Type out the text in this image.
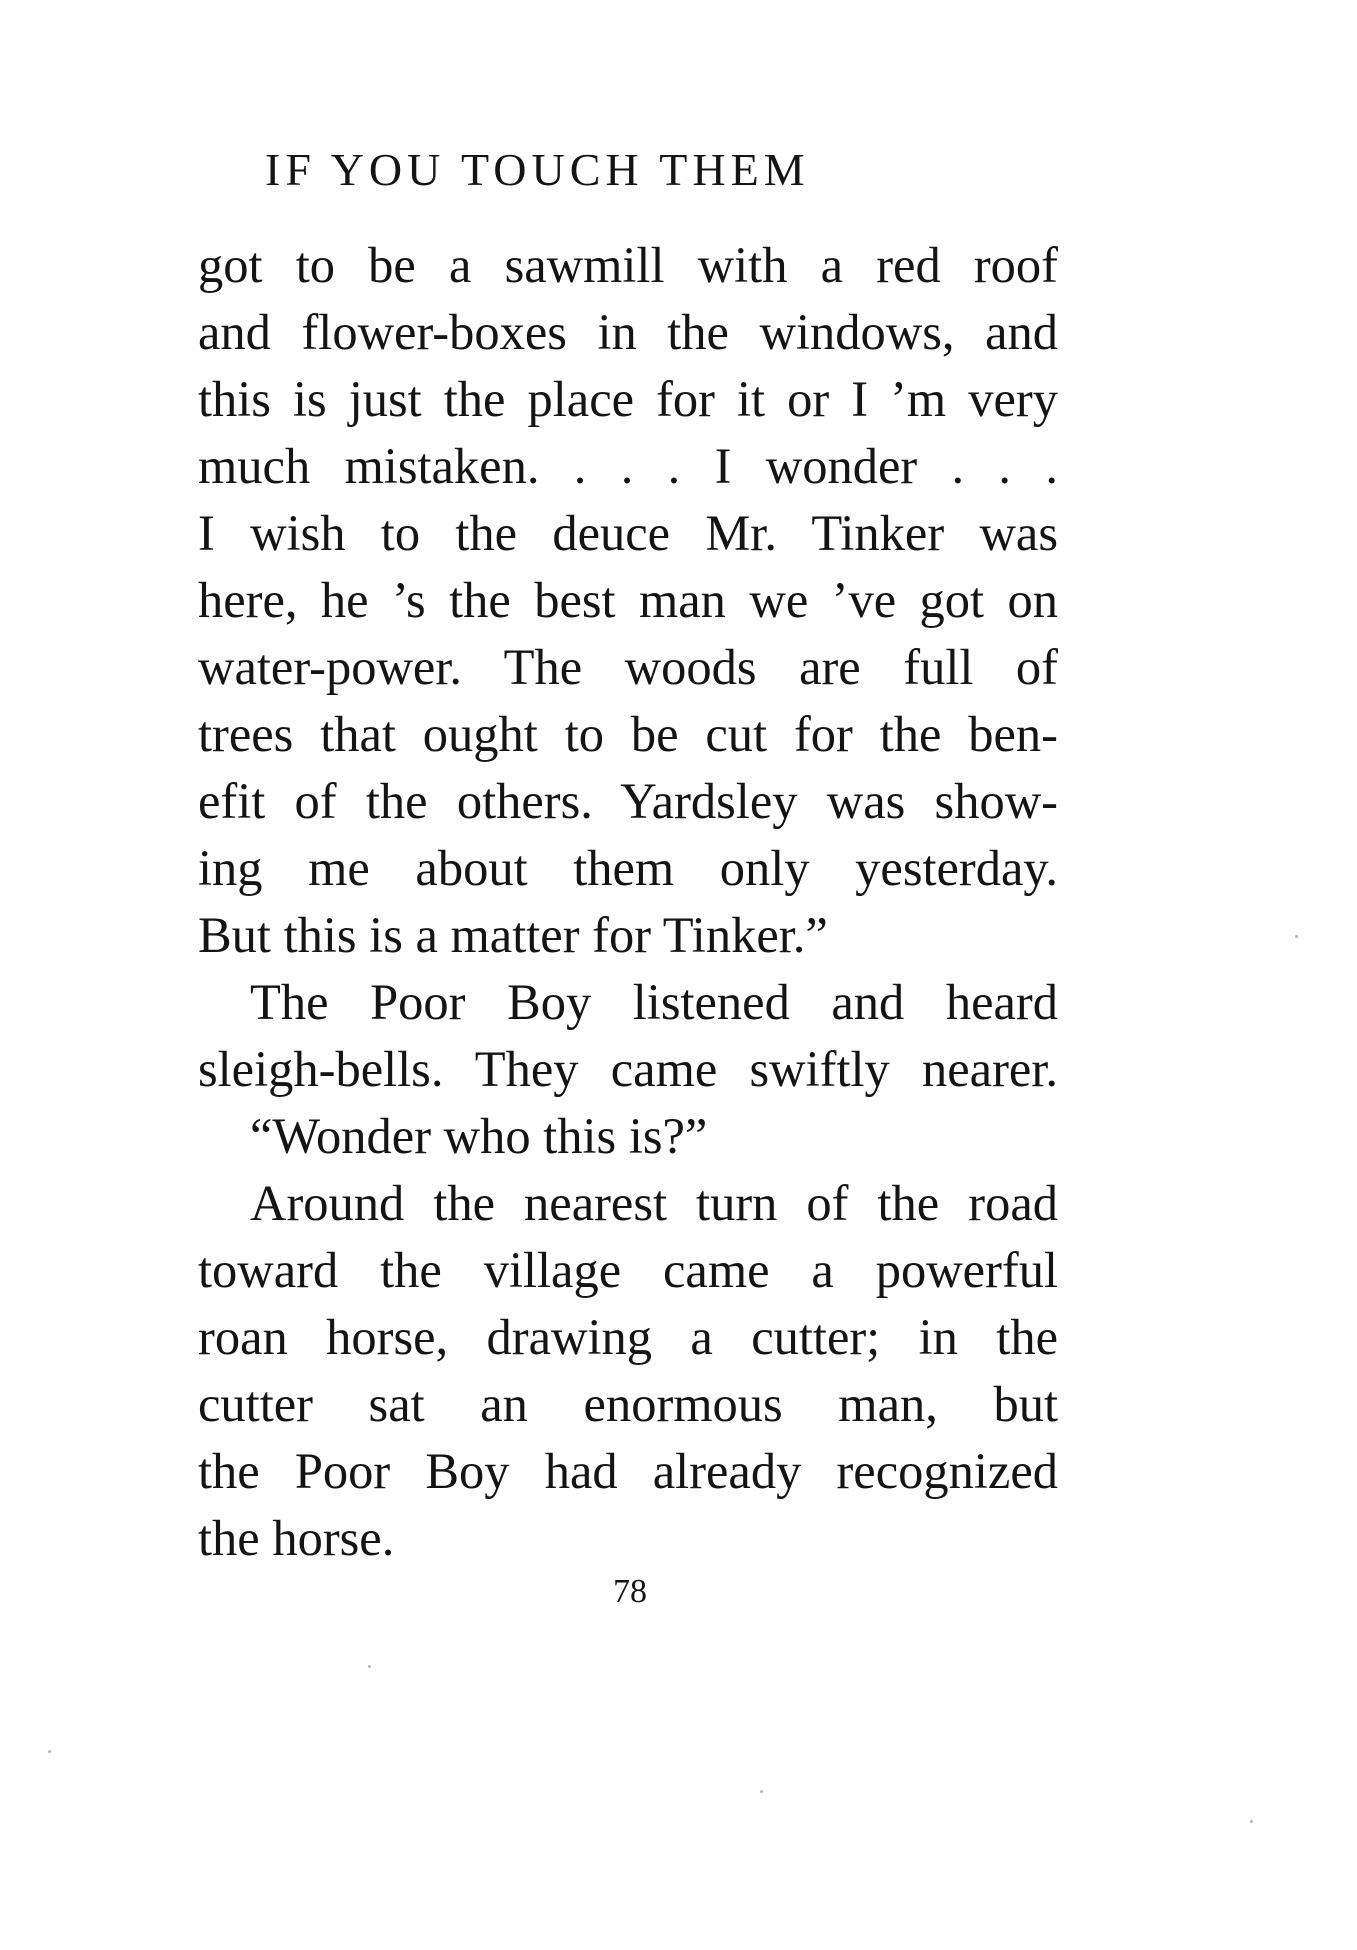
IF YOU TOUCH THEM
got to be a sawmill with a red roof
and flower-boxes in the windows, and
this is just the place for it or I ’m very
much mistaken. . . . I wonder . . .
I wish to the deuce Mr. Tinker was
here, he ’s the best man we ’ve got on
water-power. The woods are full of
trees that ought to be cut for the ben-
efit of the others. Yardsley was show-
ing me about them only yesterday.
But this is a matter for Tinker.”
The Poor Boy listened and heard
sleigh-bells. They came swiftly nearer.
“Wonder who this is?”
Around the nearest turn of the road
toward the village came a powerful
roan horse, drawing a cutter; in the
cutter sat an enormous man, but
the Poor Boy had already recognized
the horse.
78
